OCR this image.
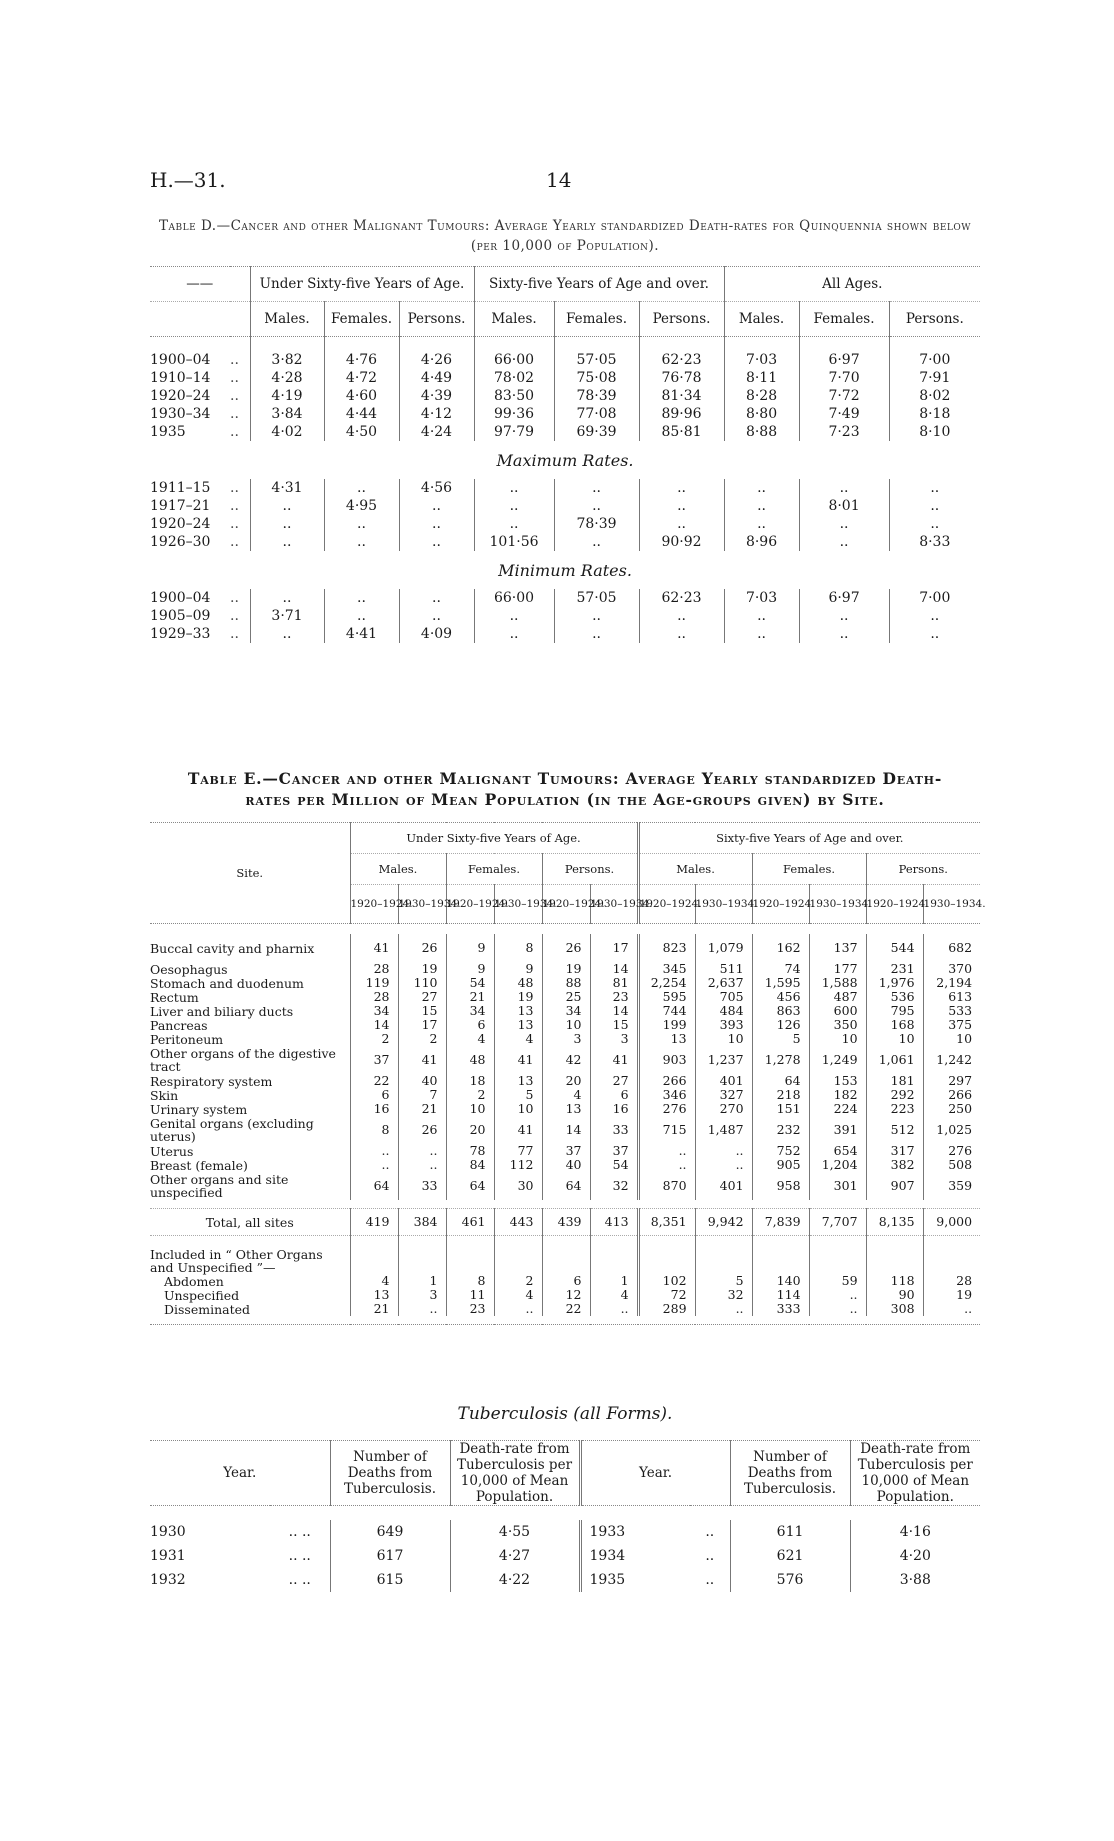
H.—31.	14
Table D.—Cancer and other Malignant Tumours: Average Yearly standardized Death-rates for Quinquennia shown below (per 10,000 of Population).
——		Under Sixty-five Years of Age.			Sixty-five Years of Age and over.			All Ages.		
		Males.	Females.	Persons.	Males.	Females.	Persons.	Males.	Females.	Persons.
1900–04	..	3·82	4·76	4·26	66·00	57·05	62·23	7·03	6·97	7·00
1910–14	..	4·28	4·72	4·49	78·02	75·08	76·78	8·11	7·70	7·91
1920–24	..	4·19	4·60	4·39	83·50	78·39	81·34	8·28	7·72	8·02
1930–34	..	3·84	4·44	4·12	99·36	77·08	89·96	8·80	7·49	8·18
1935	..	4·02	4·50	4·24	97·79	69·39	85·81	8·88	7·23	8·10
Maximum Rates.										
1911–15	..	4·31	..	4·56	..	..	..	..	..	..
1917–21	..	..	4·95	..	..	..	..	..	8·01	..
1920–24	..	..	..	..	..	78·39	..	..	..	..
1926–30	..	..	..	..	101·56	..	90·92	8·96	..	8·33
Minimum Rates.										
1900–04	..	..	..	..	66·00	57·05	62·23	7·03	6·97	7·00
1905–09	..	3·71	..	..	..	..	..	..	..	..
1929–33	..	..	4·41	4·09	..	..	..	..	..	..
Table E.—Cancer and other Malignant Tumours: Average Yearly standardized Death-
rates per Million of Mean Population (in the Age-groups given) by Site.
Site.	Under Sixty-five Years of Age.						Sixty-five Years of Age and over.					
	Males.		Females.		Persons.		Males.		Females.		Persons.	
	1920–1924.	1930–1934.	1920–1924.	1930–1934.	1920–1924.	1930–1934.	1920–1924.	1930–1934.	1920–1924.	1930–1934.	1920–1924.	1930–1934.

Buccal cavity and pharnix	41	26	9	8	26	17	823	1,079	162	137	544	682
Oesophagus	28	19	9	9	19	14	345	511	74	177	231	370
Stomach and duodenum	119	110	54	48	88	81	2,254	2,637	1,595	1,588	1,976	2,194
Rectum	28	27	21	19	25	23	595	705	456	487	536	613
Liver and biliary ducts	34	15	34	13	34	14	744	484	863	600	795	533
Pancreas	14	17	6	13	10	15	199	393	126	350	168	375
Peritoneum	2	2	4	4	3	3	13	10	5	10	10	10
Other organs of the digestive tract	37	41	48	41	42	41	903	1,237	1,278	1,249	1,061	1,242
Respiratory system	22	40	18	13	20	27	266	401	64	153	181	297
Skin	6	7	2	5	4	6	346	327	218	182	292	266
Urinary system	16	21	10	10	13	16	276	270	151	224	223	250
Genital organs (excluding uterus)	8	26	20	41	14	33	715	1,487	232	391	512	1,025
Uterus	..	..	78	77	37	37	..	..	752	654	317	276
Breast (female)	..	..	84	112	40	54	..	..	905	1,204	382	508
Other organs and site unspecified	64	33	64	30	64	32	870	401	958	301	907	359

Total, all sites	419	384	461	443	439	413	8,351	9,942	7,839	7,707	8,135	9,000
Included in “ Other Organs and Unspecified ”—												
Abdomen	4	1	8	2	6	1	102	5	140	59	118	28
Unspecified	13	3	11	4	12	4	72	32	114	..	90	19
Disseminated	21	..	23	..	22	..	289	..	333	..	308	..

Tuberculosis (all Forms).
Year.		Number of Deaths from Tuberculosis.	Death-rate from Tuberculosis per 10,000 of Mean Population.	Year.		Number of Deaths from Tuberculosis.	Death-rate from Tuberculosis per 10,000 of Mean Population.

1930	.. ..	649	4·55	1933	..	611	4·16
1931	.. ..	617	4·27	1934	..	621	4·20
1932	.. ..	615	4·22	1935	..	576	3·88
